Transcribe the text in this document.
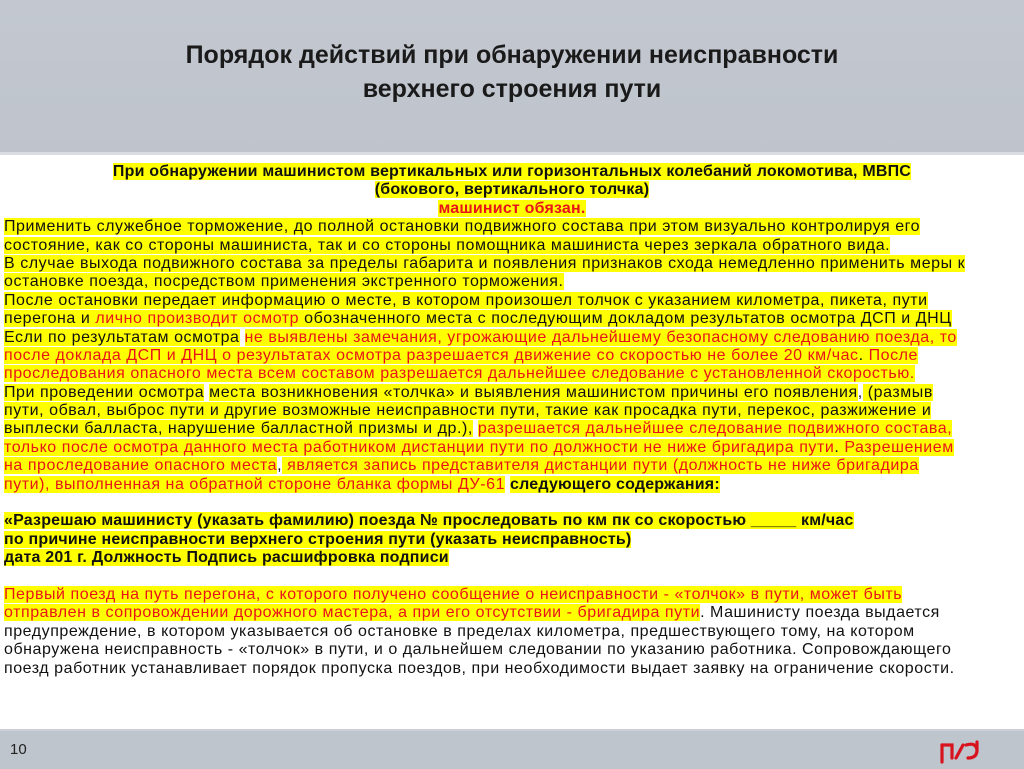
Порядок действий при обнаружении неисправности
верхнего строения пути
При обнаружении машинистом вертикальных или горизонтальных колебаний локомотива, МВПС
(бокового, вертикального толчка)
машинист обязан.
Применить служебное торможение, до полной остановки подвижного состава при этом визуально контролируя его
состояние, как со стороны машиниста, так и со стороны помощника машиниста через зеркала обратного вида.
В случае выхода подвижного состава за пределы габарита и появления признаков схода немедленно применить меры к
остановке поезда, посредством применения экстренного торможения.
После остановки передает информацию о месте, в котором произошел толчок с указанием километра, пикета, пути
перегона и лично производит осмотр обозначенного места с последующим докладом результатов осмотра ДСП и ДНЦ
Если по результатам осмотра не выявлены замечания, угрожающие дальнейшему безопасному следованию поезда, то
после доклада ДСП и ДНЦ о результатах осмотра разрешается движение со скоростью не более 20 км/час. После
проследования опасного места всем составом разрешается дальнейшее следование с установленной скоростью.
При проведении осмотра места возникновения «толчка» и выявления машинистом причины его появления, (размыв
пути, обвал, выброс пути и другие возможные неисправности пути, такие как просадка пути, перекос, разжижение и
выплески балласта, нарушение балластной призмы и др.), разрешается дальнейшее следование подвижного состава,
только после осмотра данного места работником дистанции пути по должности не ниже бригадира пути. Разрешением
на проследование опасного места, является запись представителя дистанции пути (должность не ниже бригадира
пути), выполненная на обратной стороне бланка формы ДУ-61 следующего содержания:
«Разрешаю машинисту (указать фамилию) поезда № проследовать по км пк со скоростью _____ км/час
по причине неисправности верхнего строения пути (указать неисправность)
дата 201 г. Должность Подпись расшифровка подписи
Первый поезд на путь перегона, с которого получено сообщение о неисправности - «толчок» в пути, может быть
отправлен в сопровождении дорожного мастера, а при его отсутствии - бригадира пути. Машинисту поезда выдается
предупреждение, в котором указывается об остановке в пределах километра, предшествующего тому, на котором
обнаружена неисправность - «толчок» в пути, и о дальнейшем следовании по указанию работника. Сопровождающего
поезд работник устанавливает порядок пропуска поездов, при необходимости выдает заявку на ограничение скорости.
10
